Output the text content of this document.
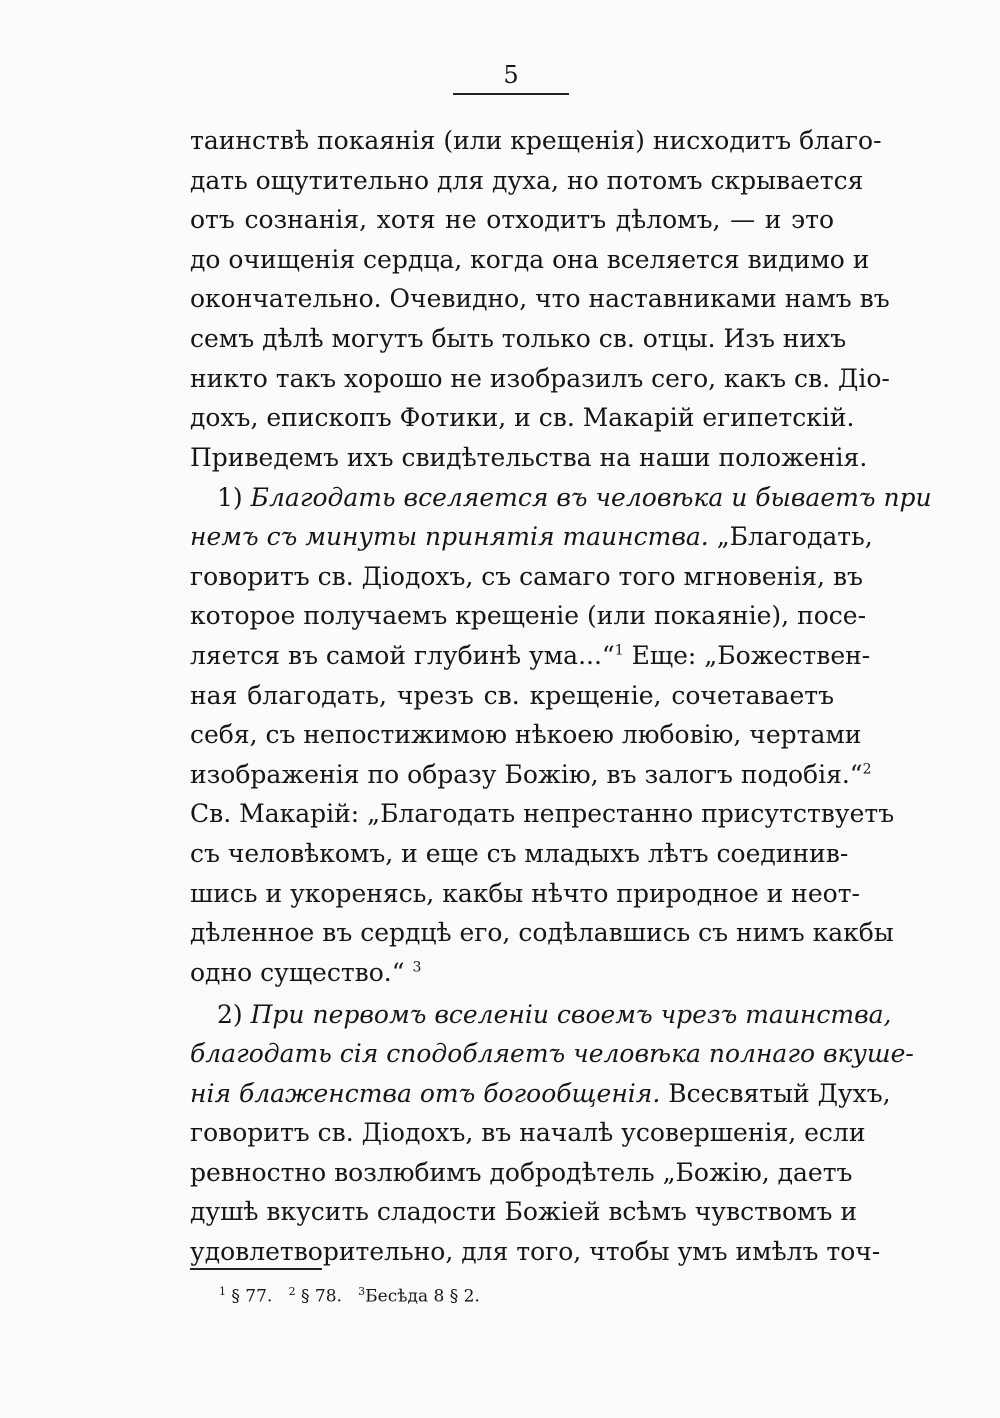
5
таинствѣ покаянія (или крещенія) нисходитъ благо-
дать ощутительно для духа, но потомъ скрывается
отъ сознанія, хотя не отходитъ дѣломъ, — и это
до очищенія сердца, когда она вселяется видимо и
окончательно. Очевидно, что наставниками намъ въ
семъ дѣлѣ могутъ быть только св. отцы. Изъ нихъ
никто такъ хорошо не изобразилъ сего, какъ св. Діо-
дохъ, епископъ Фотики, и св. Макарій египетскій.
Приведемъ ихъ свидѣтельства на наши положенія.
1) Благодать вселяется въ человѣка и бываетъ при
немъ съ минуты принятія таинства. „Благодать,
говоритъ св. Діодохъ, съ самаго того мгновенія, въ
которое получаемъ крещеніе (или покаяніе), посе-
ляется въ самой глубинѣ ума...“$^1$ Еще: „Божествен-
ная благодать, чрезъ св. крещеніе, сочетаваетъ
себя, съ непостижимою нѣкоею любовію, чертами
изображенія по образу Божію, въ залогъ подобія.“$^2$
Св. Макарій: „Благодать непрестанно присутствуетъ
съ человѣкомъ, и еще съ младыхъ лѣтъ соединив-
шись и укоренясь, какбы нѣчто природное и неот-
дѣленное въ сердцѣ его, содѣлавшись съ нимъ какбы
одно существо.“ $^3$
2) При первомъ вселеніи своемъ чрезъ таинства,
благодать сія сподобляетъ человѣка полнаго вкуше-
нія блаженства отъ богообщенія. Всесвятый Духъ,
говоритъ св. Діодохъ, въ началѣ усовершенія, если
ревностно возлюбимъ добродѣтель „Божію, даетъ
душѣ вкусить сладости Божіей всѣмъ чувствомъ и
удовлетворительно, для того, чтобы умъ имѣлъ точ-
$^1$ § 77. $^2$ § 78. $^3$Бесѣда 8 § 2.
